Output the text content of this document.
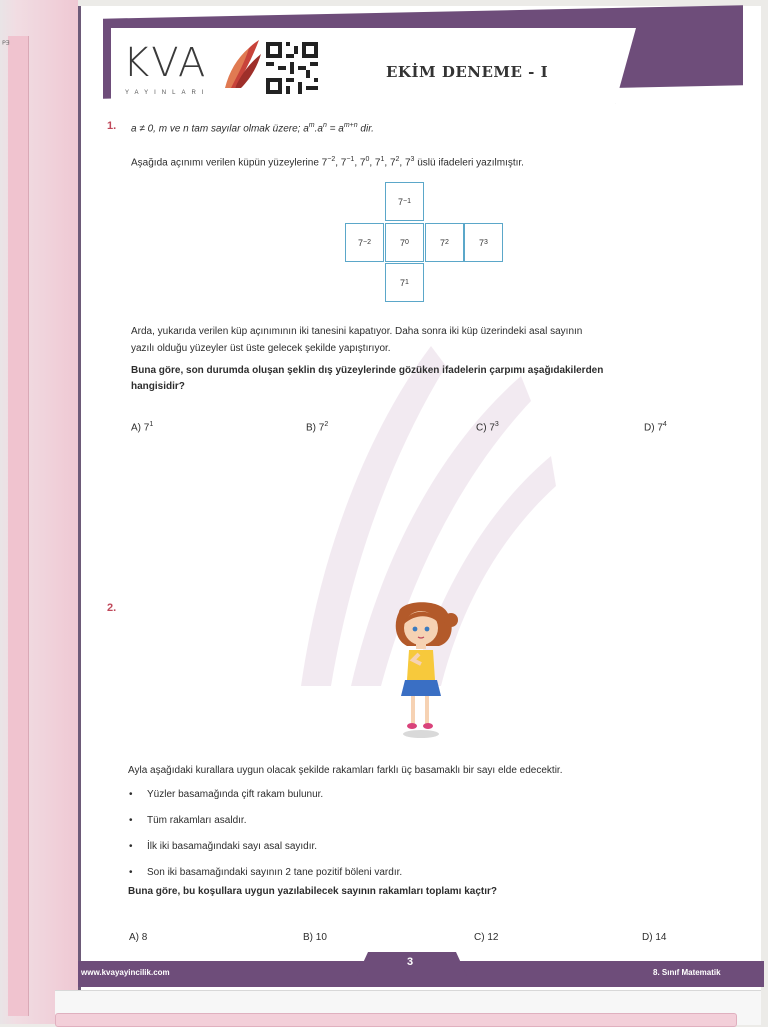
ᴾᴲ	KVA
YAYINLARI
EKİM DENEME - I
1. a ≠ 0, m ve n tam sayılar olmak üzere; $a^m.a^n = a^{m+n}$ dir.
Aşağıda açınımı verilen küpün yüzeylerine $7^{-2}$, $7^{-1}$, $7^0$, $7^1$, $7^2$, $7^3$ üslü ifadeleri yazılmıştır.
7 −1
7 −2	7 0	7 2	7 3
7 1
Arda, yukarıda verilen küp açınımının iki tanesini kapatıyor. Daha sonra iki küp üzerindeki asal sayının
yazılı olduğu yüzeyler üst üste gelecek şekilde yapıştırıyor.
Buna göre, son durumda oluşan şeklin dış yüzeylerinde gözüken ifadelerin çarpımı aşağıdakilerden
hangisidir?
A) $7^1$	B) $7^2$	C) $7^3$	D) $7^4$
2.
Ayla aşağıdaki kurallara uygun olacak şekilde rakamları farklı üç basamaklı bir sayı elde edecektir.
• Yüzler basamağında çift rakam bulunur.
• Tüm rakamları asaldır.
• İlk iki basamağındaki sayı asal sayıdır.
• Son iki basamağındaki sayının 2 tane pozitif böleni vardır.
Buna göre, bu koşullara uygun yazılabilecek sayının rakamları toplamı kaçtır?
A) 8	B) 10	C) 12	D) 14
www.kvayayincilik.com
3
8. Sınıf Matematik
